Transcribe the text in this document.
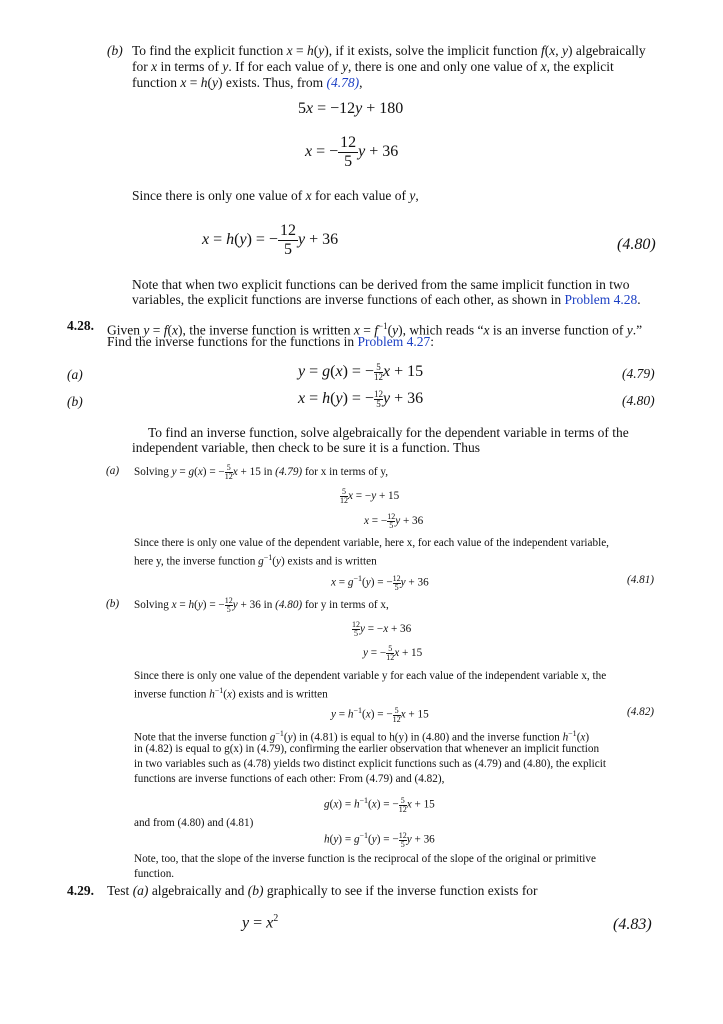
(b) To find the explicit function x = h(y), if it exists, solve the implicit function f(x, y) algebraically
for x in terms of y. If for each value of y, there is one and only one value of x, the explicit
function x = h(y) exists. Thus, from (4.78),
5x = −12y + 180
x = − $\frac{12}{5}$ y + 36
Since there is only one value of x for each value of y,
x = h(y) = − $\frac{12}{5}$ y + 36	(4.80)
Note that when two explicit functions can be derived from the same implicit function in two
variables, the explicit functions are inverse functions of each other, as shown in Problem 4.28.
4.28. Given y = f(x), the inverse function is written $x = f^{-1}(y)$, which reads “x is an inverse function of y.”
Find the inverse functions for the functions in Problem 4.27:
(a)	y = g(x) = − $\frac{5}{12}$ x + 15	(4.79)
(b)	x = h(y) = − $\frac{12}{5}$ y + 36	(4.80)
To find an inverse function, solve algebraically for the dependent variable in terms of the
independent variable, then check to be sure it is a function. Thus
(a) Solving y = g(x) = − $\frac{5}{12}$ x + 15 in (4.79) for x in terms of y,
$\frac{5}{12}$ x = −y + 15
x = − $\frac{12}{5}$ y + 36
Since there is only one value of the dependent variable, here x, for each value of the independent variable,
here y, the inverse function $g^{-1}(y)$ exists and is written
$x = g^{-1}(y)$ = − $\frac{12}{5}$ y + 36	(4.81)
(b) Solving x = h(y) = − $\frac{12}{5}$ y + 36 in (4.80) for y in terms of x,
$\frac{12}{5}$ y = −x + 36
y = − $\frac{5}{12}$ x + 15
Since there is only one value of the dependent variable y for each value of the independent variable x, the
inverse function $h^{-1}(x)$ exists and is written
$y = h^{-1}(x)$ = − $\frac{5}{12}$ x + 15	(4.82)
Note that the inverse function $g^{-1}(y)$ in (4.81) is equal to h(y) in (4.80) and the inverse function $h^{-1}(x)$
in (4.82) is equal to g(x) in (4.79), confirming the earlier observation that whenever an implicit function
in two variables such as (4.78) yields two distinct explicit functions such as (4.79) and (4.80), the explicit
functions are inverse functions of each other: From (4.79) and (4.82),
$g(x) = h^{-1}(x)$ = − $\frac{5}{12}$ x + 15
and from (4.80) and (4.81)
$h(y) = g^{-1}(y)$ = − $\frac{12}{5}$ y + 36
Note, too, that the slope of the inverse function is the reciprocal of the slope of the original or primitive
function.
4.29. Test (a) algebraically and (b) graphically to see if the inverse function exists for
$y = x^2$	(4.83)
